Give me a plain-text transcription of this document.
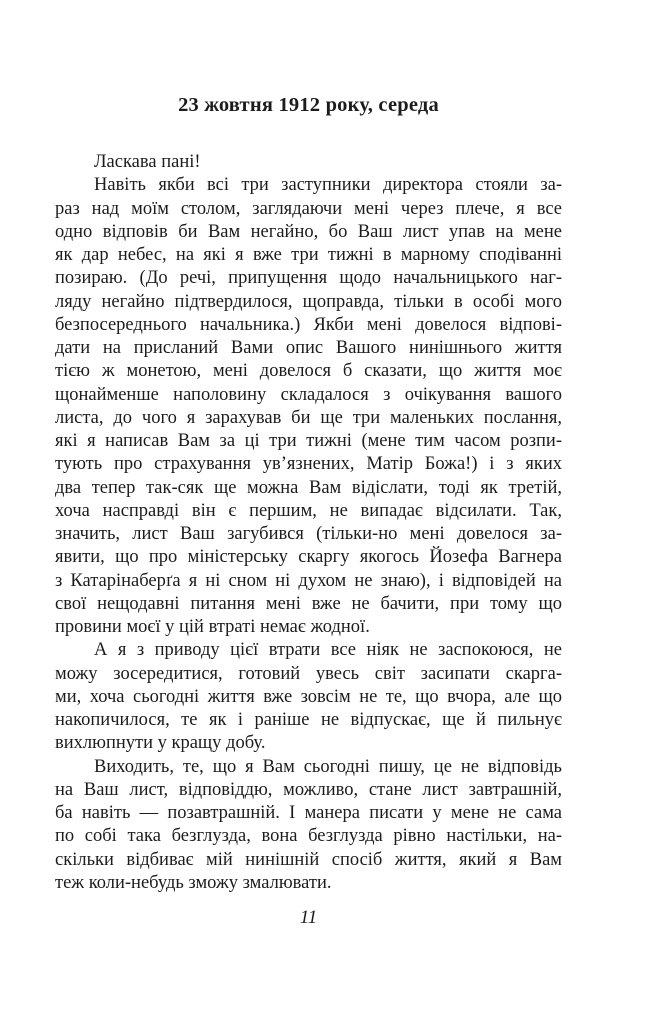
23 жовтня 1912 року, середа
Ласкава пані!
Навіть якби всі три заступники директора стояли за-
раз над моїм столом, заглядаючи мені через плече, я все
одно відповів би Вам негайно, бо Ваш лист упав на мене
як дар небес, на які я вже три тижні в марному сподіванні
позираю. (До речі, припущення щодо начальницького наг-
ляду негайно підтвердилося, щоправда, тільки в особі мого
безпосереднього начальника.) Якби мені довелося відпові-
дати на присланий Вами опис Вашого нинішнього життя
тією ж монетою, мені довелося б сказати, що життя моє
щонайменше наполовину складалося з очікування вашого
листа, до чого я зарахував би ще три маленьких послання,
які я написав Вам за ці три тижні (мене тим часом розпи-
тують про страхування ув’язнених, Матір Божа!) і з яких
два тепер так-сяк ще можна Вам відіслати, тоді як третій,
хоча насправді він є першим, не випадає відсилати. Так,
значить, лист Ваш загубився (тільки-но мені довелося за-
явити, що про міністерську скаргу якогось Йозефа Вагнера
з Катарінаберґа я ні сном ні духом не знаю), і відповідей на
свої нещодавні питання мені вже не бачити, при тому що
провини моєї у цій втраті немає жодної.
А я з приводу цієї втрати все ніяк не заспокоюся, не
можу зосередитися, готовий увесь світ засипати скарга-
ми, хоча сьогодні життя вже зовсім не те, що вчора, але що
накопичилося, те як і раніше не відпускає, ще й пильнує
вихлюпнути у кращу добу.
Виходить, те, що я Вам сьогодні пишу, це не відповідь
на Ваш лист, відповіддю, можливо, стане лист завтрашній,
ба навіть — позавтрашній. І манера писати у мене не сама
по собі така безглузда, вона безглузда рівно настільки, на-
скільки відбиває мій нинішній спосіб життя, який я Вам
теж коли-небудь зможу змалювати.
11
